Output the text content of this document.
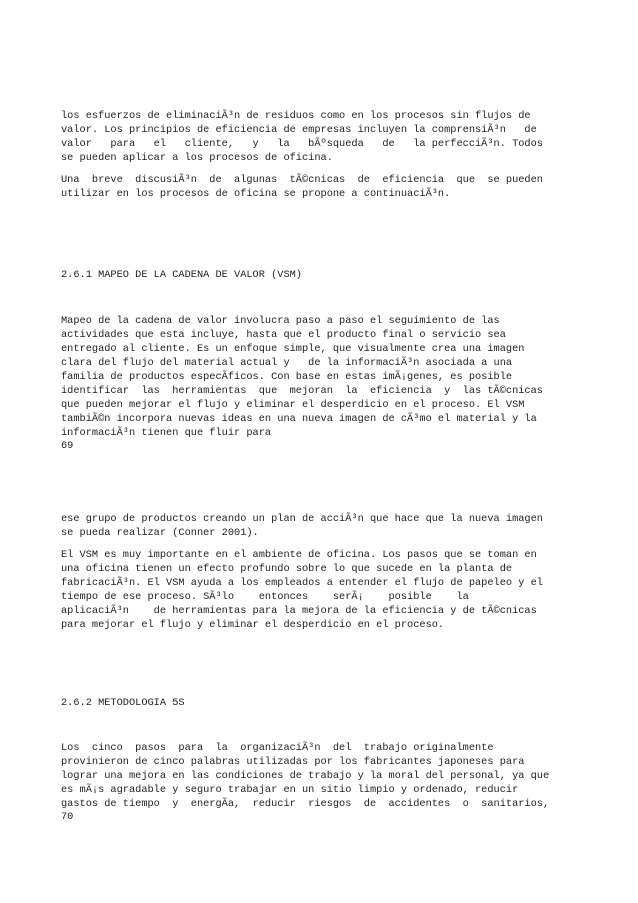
los esfuerzos de eliminaciÃ³n de residuos como en los procesos sin flujos de
valor. Los principios de eficiencia de empresas incluyen la comprensiÃ³n   de
valor   para   el   cliente,   y   la   bÃºsqueda   de   la perfecciÃ³n. Todos
se pueden aplicar a los procesos de oficina.
Una  breve  discusiÃ³n  de  algunas  tÃ©cnicas  de  eficiencia  que  se pueden
utilizar en los procesos de oficina se propone a continuaciÃ³n.
2.6.1 MAPEO DE LA CADENA DE VALOR (VSM)
Mapeo de la cadena de valor involucra paso a paso el seguimiento de las
actividades que esta incluye, hasta que el producto final o servicio sea
entregado al cliente. Es un enfoque simple, que visualmente crea una imagen
clara del flujo del material actual y   de la informaciÃ³n asociada a una
familia de productos especÃficos. Con base en estas imÃ¡genes, es posible
identificar  las  herramientas  que  mejoran  la  eficiencia  y  las tÃ©cnicas
que pueden mejorar el flujo y eliminar el desperdicio en el proceso. El VSM
tambiÃ©n incorpora nuevas ideas en una nueva imagen de cÃ³mo el material y la
informaciÃ³n tienen que fluir para
69
ese grupo de productos creando un plan de acciÃ³n que hace que la nueva imagen
se pueda realizar (Conner 2001).
El VSM es muy importante en el ambiente de oficina. Los pasos que se toman en
una oficina tienen un efecto profundo sobre lo que sucede en la planta de
fabricaciÃ³n. El VSM ayuda a los empleados a entender el flujo de papeleo y el
tiempo de ese proceso. SÃ³lo    entonces    serÃ¡    posible    la
aplicaciÃ³n    de herramientas para la mejora de la eficiencia y de tÃ©cnicas
para mejorar el flujo y eliminar el desperdicio en el proceso.
2.6.2 METODOLOGIA 5S
Los  cinco  pasos  para  la  organizaciÃ³n  del  trabajo originalmente
provinieron de cinco palabras utilizadas por los fabricantes japoneses para
lograr una mejora en las condiciones de trabajo y la moral del personal, ya que
es mÃ¡s agradable y seguro trabajar en un sitio limpio y ordenado, reducir
gastos de tiempo  y  energÃa,  reducir  riesgos  de  accidentes  o  sanitarios,
70
